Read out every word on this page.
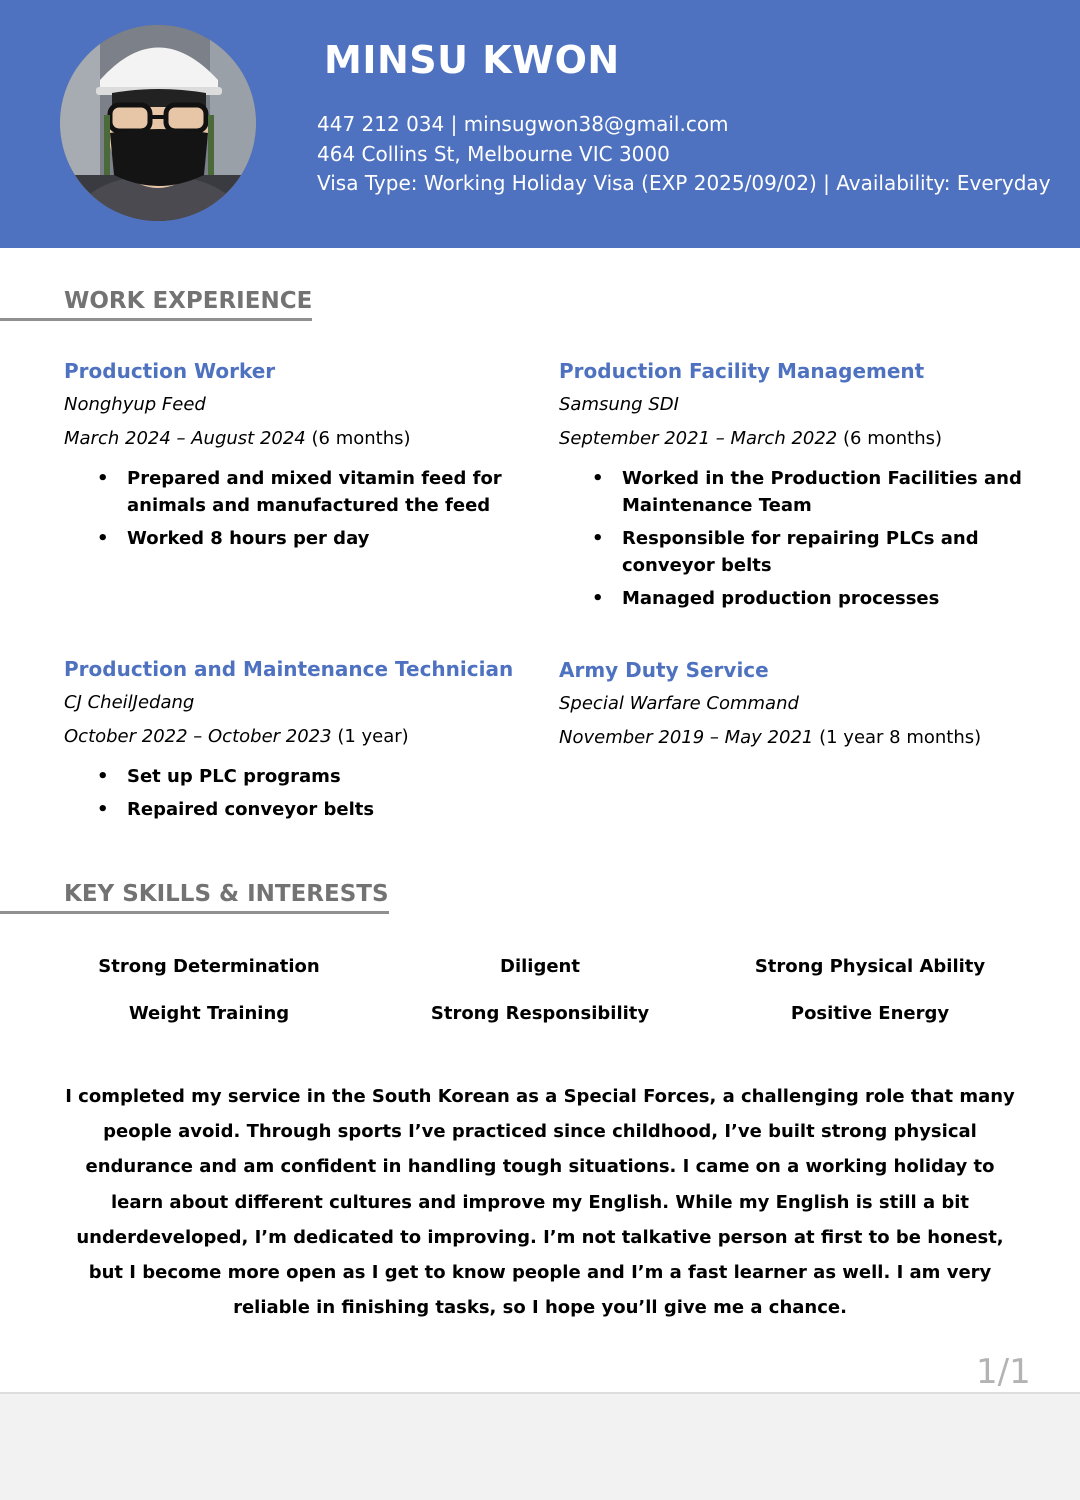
MINSU KWON
447 212 034 | minsugwon38@gmail.com
464 Collins St, Melbourne VIC 3000
Visa Type: Working Holiday Visa (EXP 2025/09/02) | Availability: Everyday
WORK EXPERIENCE
Production Worker
Nonghyup Feed
March 2024 – August 2024 (6 months)
• Prepared and mixed vitamin feed for animals and manufactured the feed
• Worked 8 hours per day
Production Facility Management
Samsung SDI
September 2021 – March 2022 (6 months)
• Worked in the Production Facilities and Maintenance Team
• Responsible for repairing PLCs and conveyor belts
• Managed production processes
Production and Maintenance Technician
CJ CheilJedang
October 2022 – October 2023 (1 year)
• Set up PLC programs
• Repaired conveyor belts
Army Duty Service
Special Warfare Command
November 2019 – May 2021 (1 year 8 months)
KEY SKILLS & INTERESTS
Strong Determination	Diligent	Strong Physical Ability
Weight Training	Strong Responsibility	Positive Energy

I completed my service in the South Korean as a Special Forces, a challenging role that many people avoid. Through sports I’ve practiced since childhood, I’ve built strong physical endurance and am confident in handling tough situations. I came on a working holiday to learn about different cultures and improve my English. While my English is still a bit underdeveloped, I’m dedicated to improving. I’m not talkative person at first to be honest, but I become more open as I get to know people and I’m a fast learner as well. I am very reliable in finishing tasks, so I hope you’ll give me a chance.

1/1
